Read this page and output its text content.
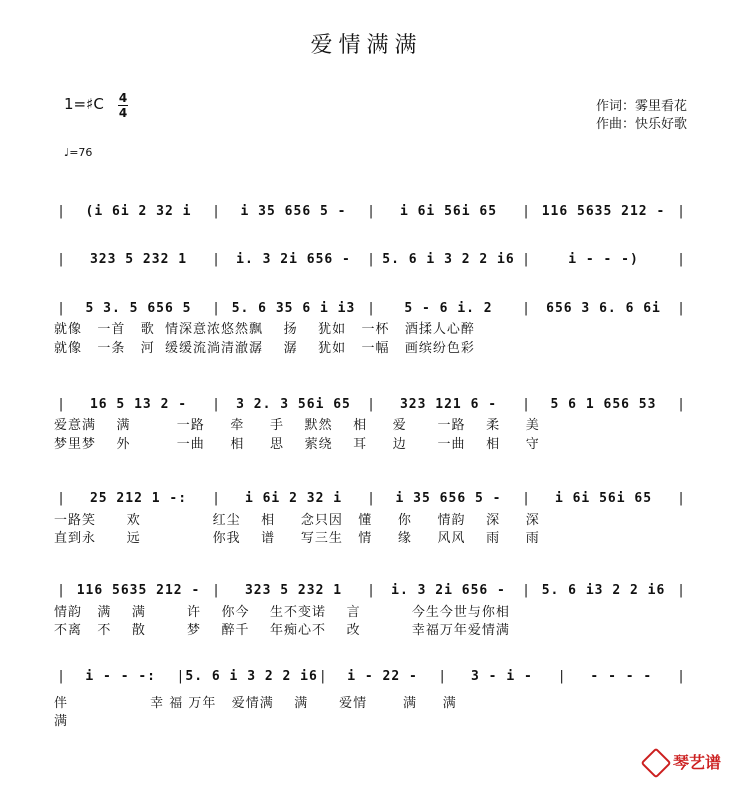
爱情满满
1=♯C 4
4	作词：雾里看花
作曲：快乐好歌
♩=76
|	(i 6i 2 32 i	|	i 35 656 5 -	|	i 6i 56i 65	| 116 5635 212 - |
|	323 5 232 1	|	i. 3 2i 656 -	| 5. 6 i 3 2 2 i6 |	i - - -)	|
|	5 3. 5 656 5	| 5. 6 35 6 i i3 |	5 - 6 i. 2	|	656 3 6. 6 6i	|
|	16 5 13 2 -	|	3 2. 3 56i 65	|	323 121 6 -	|	5 6 1 656 53	|
|	25 212 1 -:	|	i 6i 2 32 i	|	i 35 656 5 -	|	i 6i 56i 65	|
| 116 5635 212 - |	323 5 232 1	|	i. 3 2i 656 -	| 5. 6 i3 2 2 i6 |
|	i - - -:	| 5. 6 i 3 2 2 i6 |	i - 22 -	|	3 - i -	|	- - - -	|
就像   一首   歌  情深意浓悠然飘    扬    犹如   一杯   酒揉人心醉
就像   一条   河  缓缓流淌清澈潺    潺    犹如   一幅   画缤纷色彩
爱意满    满         一路     牵     手    默然    相     爱      一路    柔     美
梦里梦    外         一曲     相     思    萦绕    耳     边      一曲    相     守
一路笑      欢              红尘    相     念只因   懂     你     情韵    深     深
直到永      远              你我    谱     写三生   情     缘     风风    雨     雨
情韵   满    满        许    你今    生不变诺    言          今生今世与你相
不离   不    散        梦    醉千    年痴心不    改          幸福万年爱情满
伴                幸 福 万年   爱情满    满      爱情       满     满
满
琴艺谱
